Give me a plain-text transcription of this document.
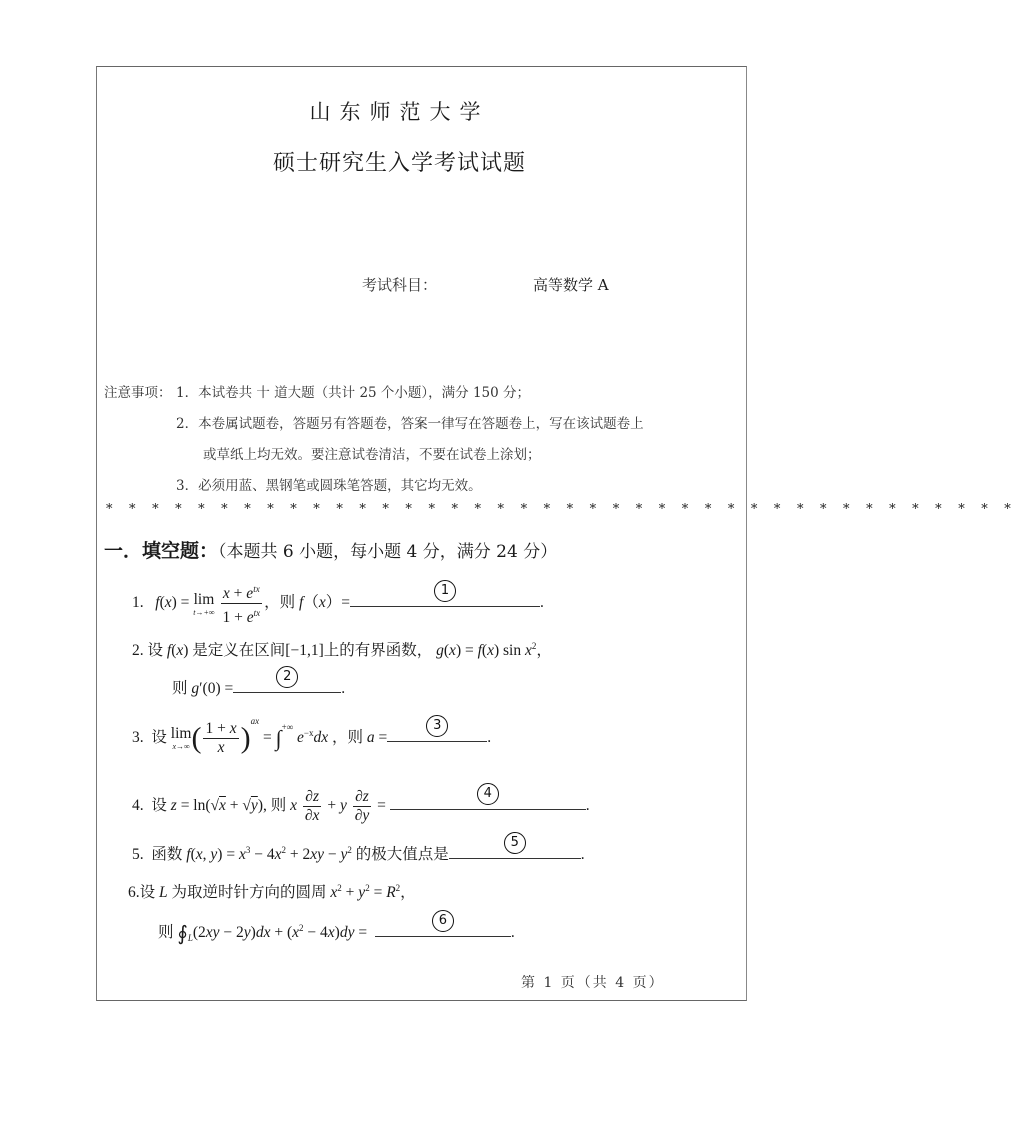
山东师范大学
硕士研究生入学考试试题
考试科目：	高等数学 A
注意事项： 1．本试卷共 十 道大题（共计 25 个小题），满分 150 分；
2．本卷属试题卷，答题另有答题卷，答案一律写在答题卷上，写在该试题卷上
或草纸上均无效。要注意试卷清洁，不要在试卷上涂划；
3．必须用蓝、黑钢笔或圆珠笔答题，其它均无效。
* * * * * * * * * * * * * * * * * * * * * * * * * * * * * * * * * * * * * * * *
一．填空题：（本题共 6 小题，每小题 4 分，满分 24 分）
1. f(x) = lim
t→+∞
$\frac{x + e^{tx}}{1 + e^{tx}}$ ，则 f（x）=
1
.
2. 设 f(x) 是定义在区间[−1,1]上的有界函数， g(x) = f(x) $\sin x^2$，
则 g′(0) =
2
.
3.  设 lim
x→∞ ( $\frac{1 + x}{x} )^{ax} = \int^{+\infty}$ $e^{-x}dx$ ，则 a =
3
.
4.  设 z = ln(√x + √y), 则 x $\frac{\partial z}{\partial x} + y \frac{\partial z}{\partial y}$ =
4
.
5.  函数 f(x, $y) = x^3 - 4x^2 + 2xy - y^2$ 的极大值点是
5
.
6.设 L 为取逆时针方向的圆周 $x^2 + y^2 = R^2$，
则 $∮_L(2xy - 2y)dx + (x^2 - 4x)dy$ =
6
.
第 1 页（共 4 页）
